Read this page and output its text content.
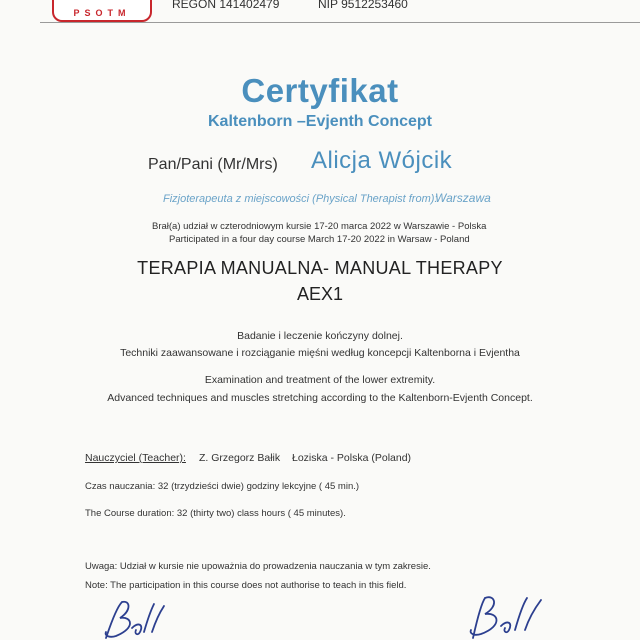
PSOTM
REGON 141402479	NIP 9512253460
Certyfikat
Kaltenborn –Evjenth Concept
Pan/Pani (Mr/Mrs) Alicja Wójcik
Fizjoterapeuta z miejscowości (Physical Therapist from):
Warszawa
Brał(a) udział w czterodniowym kursie 17-20 marca 2022 w Warszawie - Polska
Participated in a four day course March 17-20 2022 in Warsaw - Poland
TERAPIA MANUALNA- MANUAL THERAPY
AEX1
Badanie i leczenie kończyny dolnej.
Techniki zaawansowane i rozciąganie mięśni według koncepcji Kaltenborna i Evjentha
Examination and treatment of the lower extremity.
Advanced techniques and muscles stretching according to the Kaltenborn-Evjenth Concept.
Nauczyciel (Teacher): Z. Grzegorz Bałik Łoziska - Polska (Poland)
Czas nauczania: 32 (trzydzieści dwie) godziny lekcyjne ( 45 min.)
The Course duration: 32 (thirty two) class hours ( 45 minutes).
Uwaga: Udział w kursie nie upoważnia do prowadzenia nauczania w tym zakresie.
Note: The participation in this course does not authorise to teach in this field.
